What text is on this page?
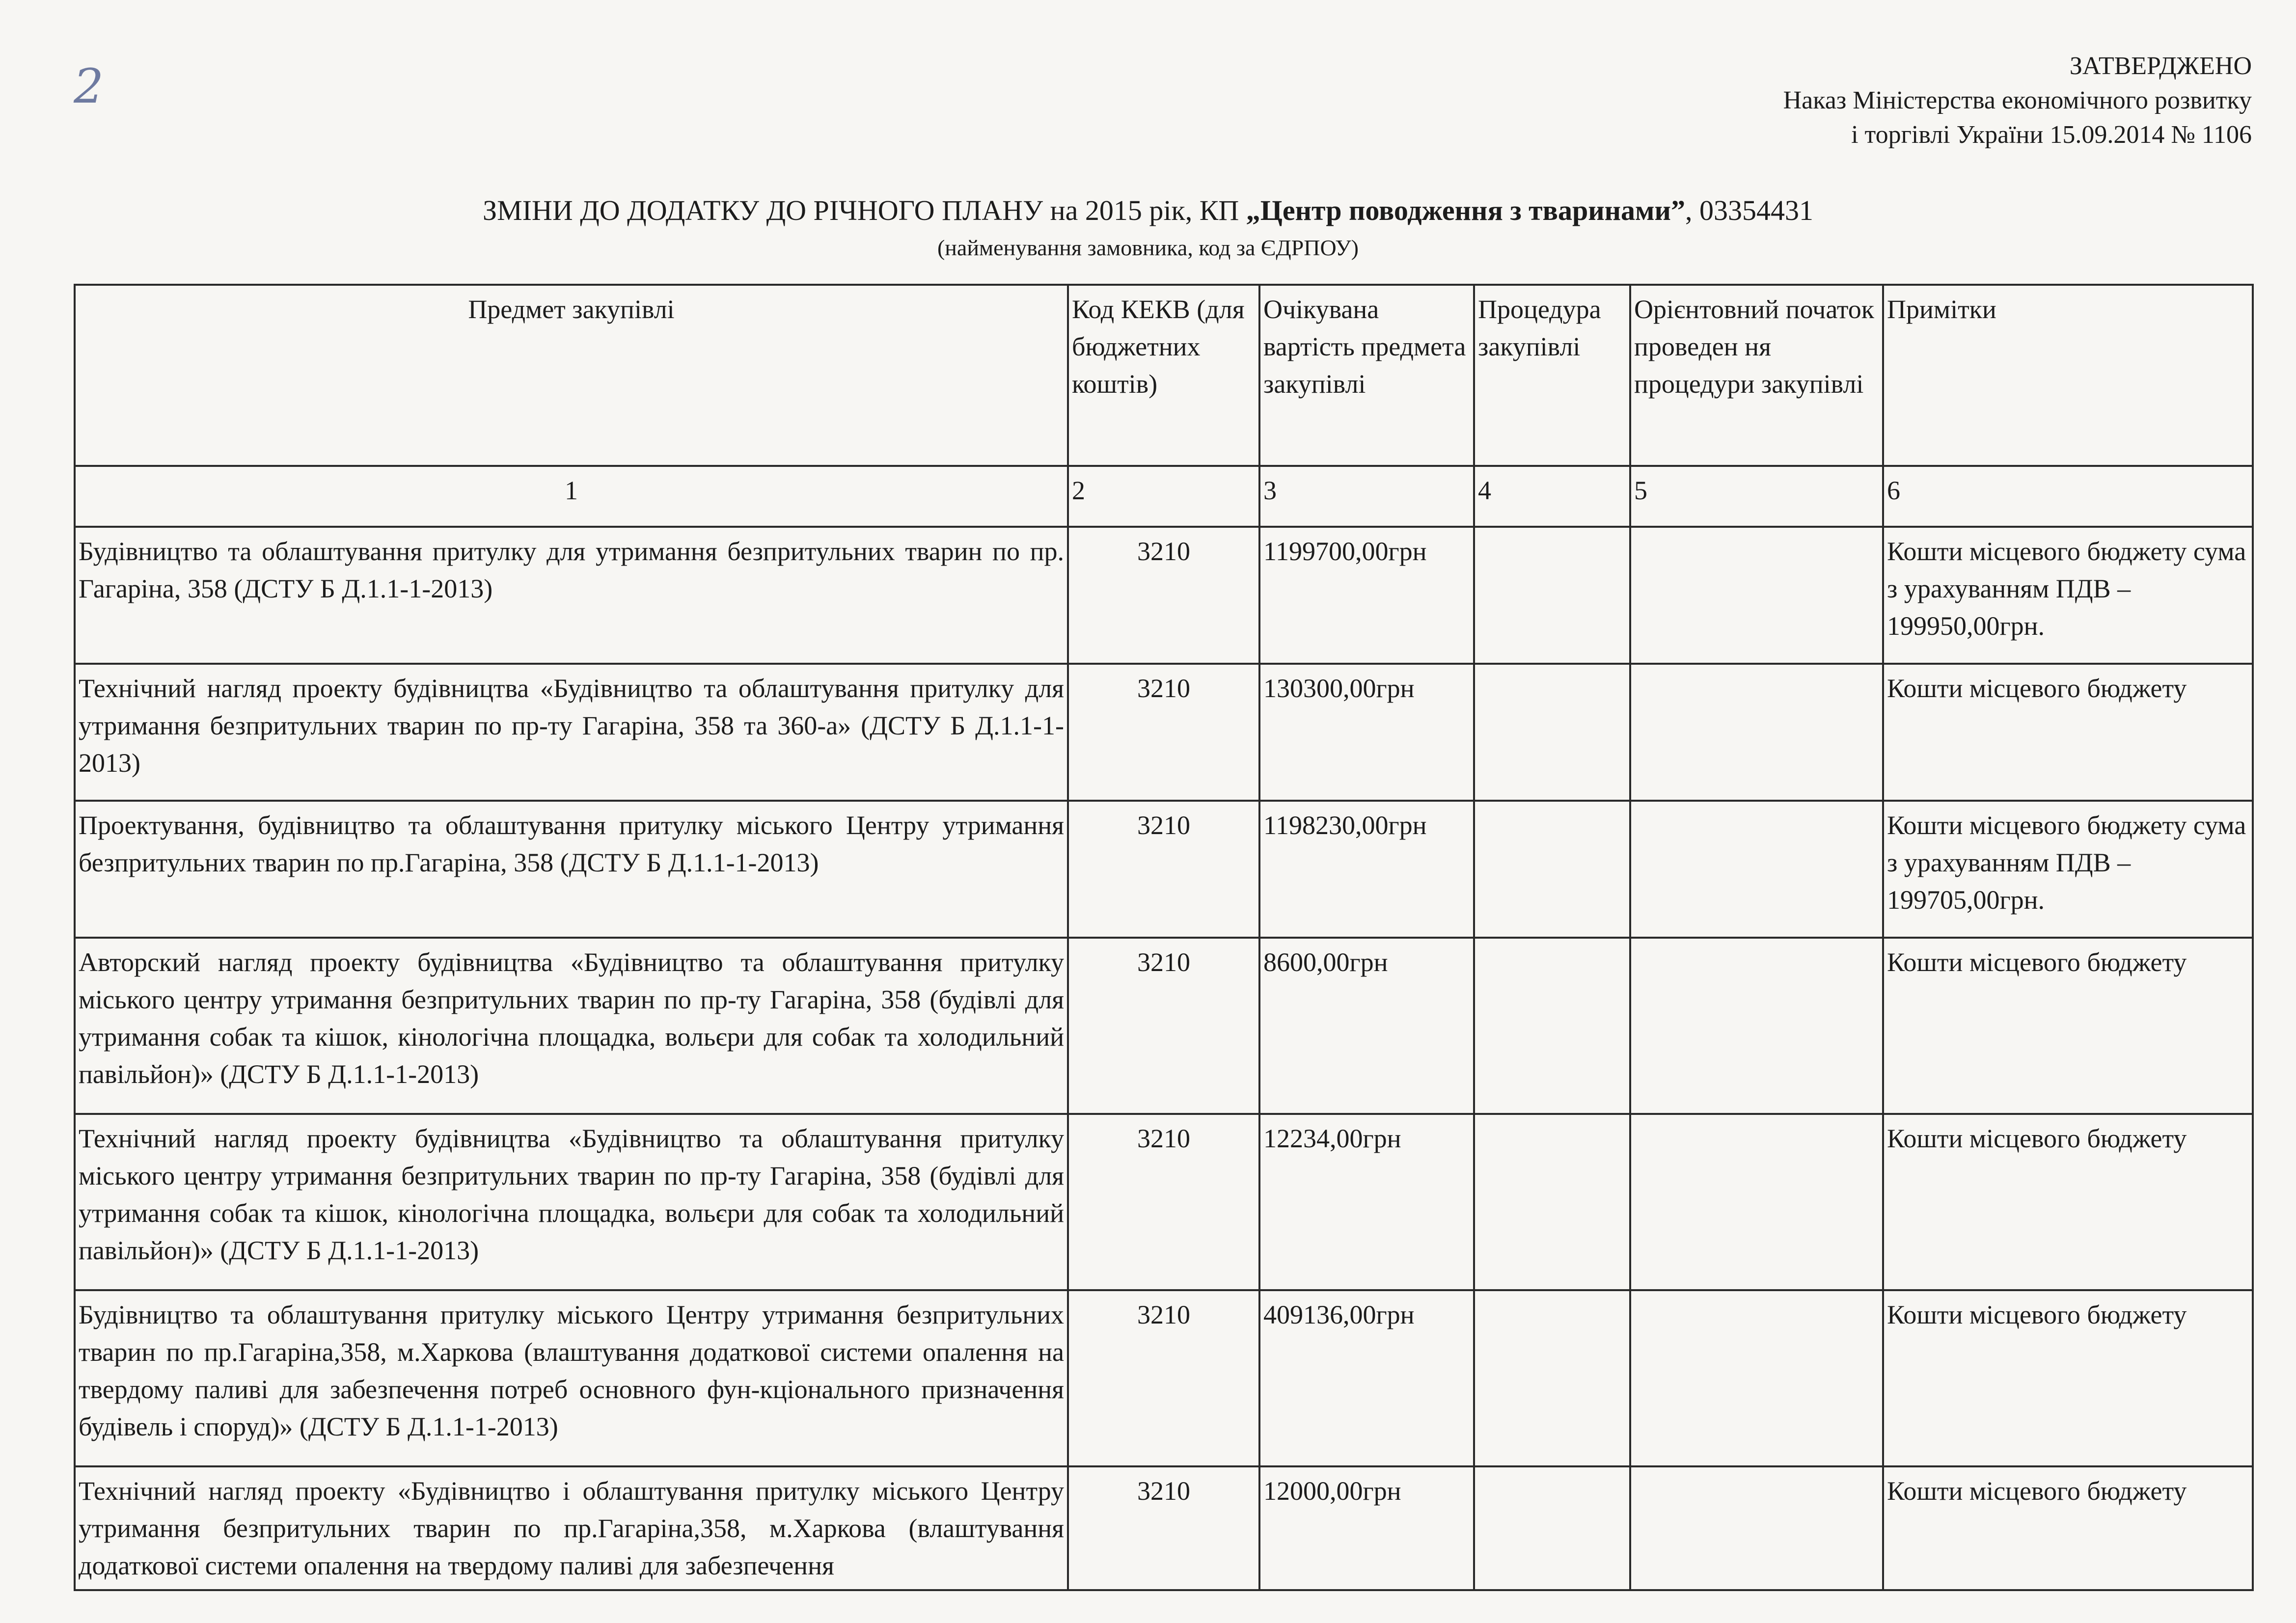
2	ЗАТВЕРДЖЕНО
Наказ Міністерства економічного розвитку
і торгівлі України 15.09.2014 № 1106
ЗМІНИ ДО ДОДАТКУ ДО РІЧНОГО ПЛАНУ на 2015 рік, КП „Центр поводження з тваринами”, 03354431
(найменування замовника, код за ЄДРПОУ)
Предмет закупівлі	Код КЕКВ (для бюджетних коштів)	Очікувана вартість предмета закупівлі	Процедура закупівлі	Орієнтовний початок проведен ня процедури закупівлі	Примітки
1	2	3	4	5	6
Будівництво та облаштування притулку для утримання безпритульних тварин по пр. Гагаріна, 358 (ДСТУ Б Д.1.1-1-2013)	3210	1199700,00грн			Кошти місцевого бюджету сума з урахуванням ПДВ – 199950,00грн.
Технічний нагляд проекту будівництва «Будівництво та облаштування притулку для утримання безпритульних тварин по пр-ту Гагаріна, 358 та 360-а» (ДСТУ Б Д.1.1-1-2013)	3210	130300,00грн			Кошти місцевого бюджету
Проектування, будівництво та облаштування притулку міського Центру утримання безпритульних тварин по пр.Гагаріна, 358 (ДСТУ Б Д.1.1-1-2013)	3210	1198230,00грн			Кошти місцевого бюджету сума з урахуванням ПДВ – 199705,00грн.
Авторский нагляд проекту будівництва «Будівництво та облаштування притулку міського центру утримання безпритульних тварин по пр-ту Гагаріна, 358 (будівлі для утримання собак та кішок, кінологічна площадка, вольєри для собак та холодильний павільйон)» (ДСТУ Б Д.1.1-1-2013)	3210	8600,00грн			Кошти місцевого бюджету
Технічний нагляд проекту будівництва «Будівництво та облаштування притулку міського центру утримання безпритульних тварин по пр-ту Гагаріна, 358 (будівлі для утримання собак та кішок, кінологічна площадка, вольєри для собак та холодильний павільйон)» (ДСТУ Б Д.1.1-1-2013)	3210	12234,00грн			Кошти місцевого бюджету
Будівництво та облаштування притулку міського Центру утримання безпритульних тварин по пр.Гагаріна,358, м.Харкова (влаштування додаткової системи опалення на твердому паливі для забезпечення потреб основного фун-кціонального призначення будівель і споруд)» (ДСТУ Б Д.1.1-1-2013)	3210	409136,00грн			Кошти місцевого бюджету
Технічний нагляд проекту «Будівництво і облаштування притулку міського Центру утримання безпритульних тварин по пр.Гагаріна,358, м.Харкова (влаштування додаткової системи опалення на твердому паливі для забезпечення	3210	12000,00грн			Кошти місцевого бюджету
